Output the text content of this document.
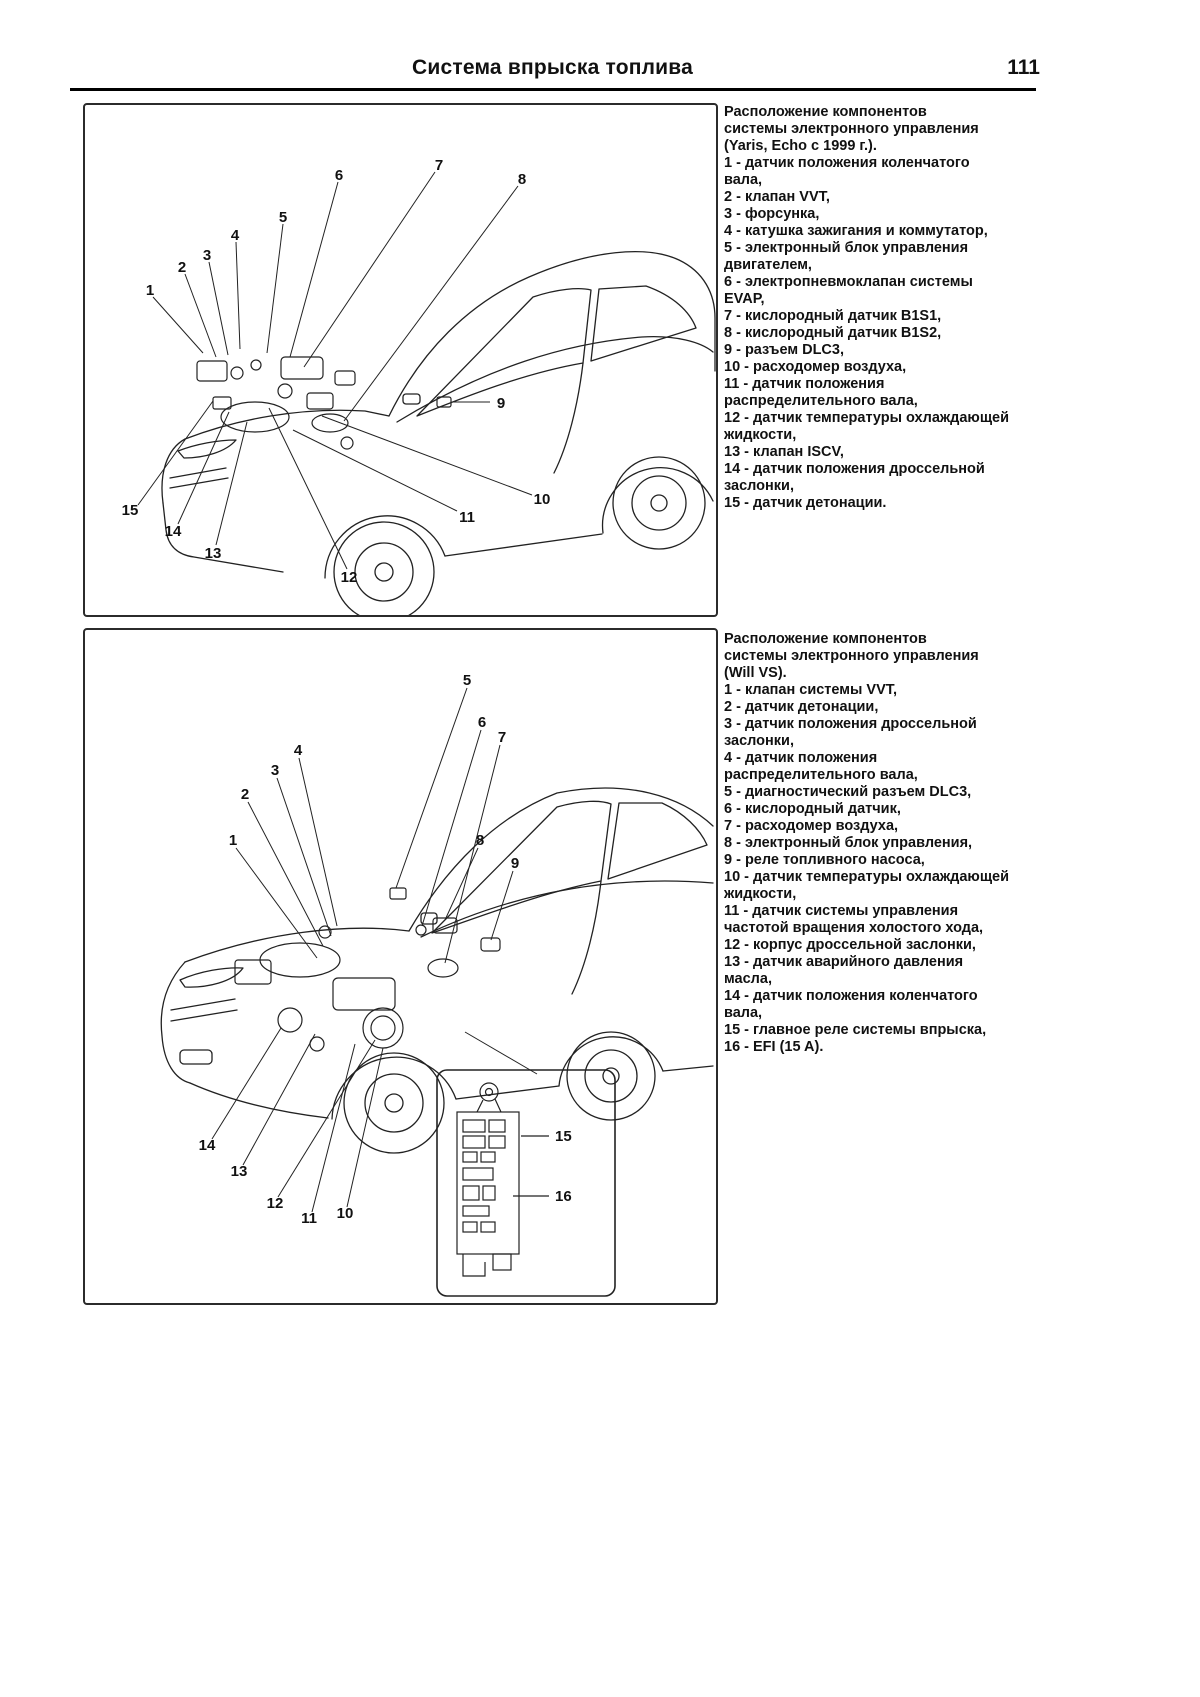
Система впрыска топлива	111
1
2
3
4
5
6
7
8
9
10
11
12
13
14
15
Расположение компонентов
системы электронного управления
(Yaris, Echo с 1999 г.).
1 - датчик положения коленчатого вала,
2 - клапан VVT,
3 - форсунка,
4 - катушка зажигания и коммутатор,
5 - электронный блок управления двигателем,
6 - электропневмоклапан системы EVAP,
7 - кислородный датчик B1S1,
8 - кислородный датчик B1S2,
9 - разъем DLC3,
10 - расходомер воздуха,
11 - датчик положения распределительного вала,
12 - датчик температуры охлаждающей жидкости,
13 - клапан ISCV,
14 - датчик положения дроссельной заслонки,
15 - датчик детонации.
1
2
3
4
5
6
7
8
9
10
11
12
13
14
15
16
Расположение компонентов
системы электронного управления
(Will VS).
1 - клапан системы VVT,
2 - датчик детонации,
3 - датчик положения дроссельной заслонки,
4 - датчик положения распределительного вала,
5 - диагностический разъем DLC3,
6 - кислородный датчик,
7 - расходомер воздуха,
8 - электронный блок управления,
9 - реле топливного насоса,
10 - датчик температуры охлаждающей жидкости,
11 - датчик системы управления частотой вращения холостого хода,
12 - корпус дроссельной заслонки,
13 - датчик аварийного давления масла,
14 - датчик положения коленчатого вала,
15 - главное реле системы впрыска,
16 - EFI (15 A).
